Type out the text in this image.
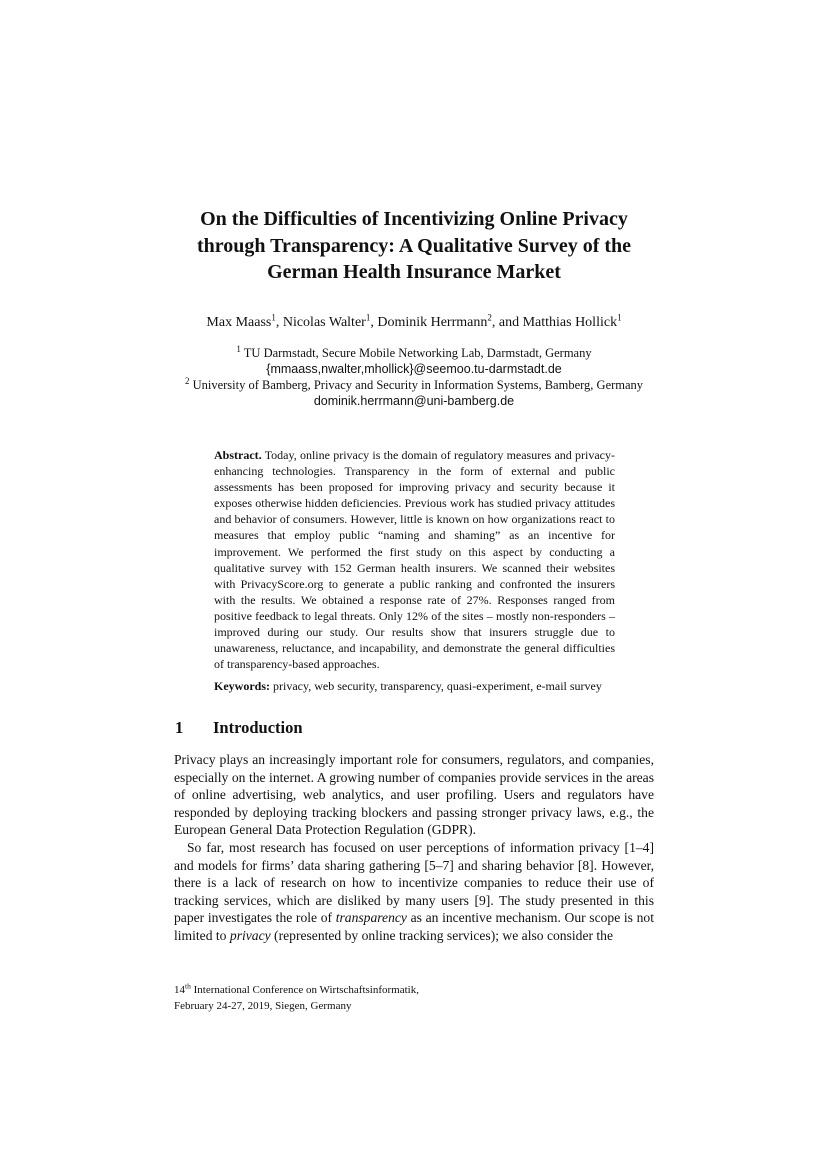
On the Difficulties of Incentivizing Online Privacy
through Transparency: A Qualitative Survey of the
German Health Insurance Market
Max Maass$^1$, Nicolas Walter$^1$, Dominik Herrmann$^2$, and Matthias Hollick$^1$
$^1$ TU Darmstadt, Secure Mobile Networking Lab, Darmstadt, Germany
{mmaass,nwalter,mhollick}@seemoo.tu-darmstadt.de
$^2$ University of Bamberg, Privacy and Security in Information Systems, Bamberg, Germany
dominik.herrmann@uni-bamberg.de
Abstract. Today, online privacy is the domain of regulatory measures and privacy-enhancing technologies. Transparency in the form of external and public assessments has been proposed for improving privacy and security because it exposes otherwise hidden deficiencies. Previous work has studied privacy attitudes and behavior of consumers. However, little is known on how organizations react to measures that employ public “naming and shaming” as an incentive for improvement. We performed the first study on this aspect by conducting a qualitative survey with 152 German health insurers. We scanned their websites with PrivacyScore.org to generate a public ranking and confronted the insurers with the results. We obtained a response rate of 27%. Responses ranged from positive feedback to legal threats. Only 12% of the sites – mostly non-responders – improved during our study. Our results show that insurers struggle due to unawareness, reluctance, and incapability, and demonstrate the general difficulties of transparency-based approaches.
Keywords: privacy, web security, transparency, quasi-experiment, e-mail survey
1 Introduction

Privacy plays an increasingly important role for consumers, regulators, and companies, especially on the internet. A growing number of companies provide services in the areas of online advertising, web analytics, and user profiling. Users and regulators have responded by deploying tracking blockers and passing stronger privacy laws, e.g., the European General Data Protection Regulation (GDPR).

So far, most research has focused on user perceptions of information privacy [1–4] and models for firms’ data sharing gathering [5–7] and sharing behavior [8]. However, there is a lack of research on how to incentivize companies to reduce their use of tracking services, which are disliked by many users [9]. The study presented in this paper investigates the role of transparency as an incentive mechanism. Our scope is not limited to privacy (represented by online tracking services); we also consider the

14th International Conference on Wirtschaftsinformatik,
February 24-27, 2019, Siegen, Germany
